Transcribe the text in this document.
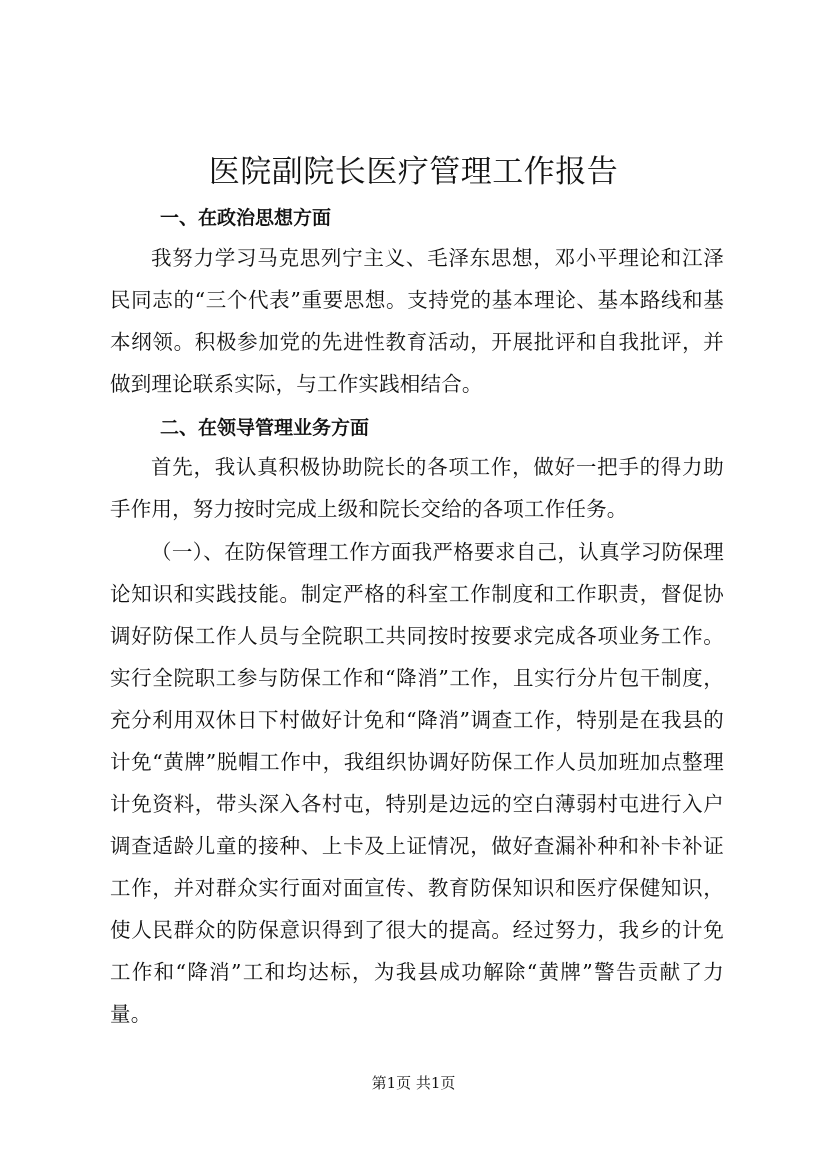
医院副院长医疗管理工作报告
一、在政治思想方面

我努力学习马克思列宁主义、毛泽东思想，邓小平理论和江泽民同志的“三个代表”重要思想。支持党的基本理论、基本路线和基本纲领。积极参加党的先进性教育活动，开展批评和自我批评，并做到理论联系实际，与工作实践相结合。

二、在领导管理业务方面

首先，我认真积极协助院长的各项工作，做好一把手的得力助手作用，努力按时完成上级和院长交给的各项工作任务。

（一）、在防保管理工作方面我严格要求自己，认真学习防保理论知识和实践技能。制定严格的科室工作制度和工作职责，督促协调好防保工作人员与全院职工共同按时按要求完成各项业务工作。实行全院职工参与防保工作和“降消”工作，且实行分片包干制度，充分利用双休日下村做好计免和“降消”调查工作，特别是在我县的计免“黄牌”脱帽工作中，我组织协调好防保工作人员加班加点整理计免资料，带头深入各村屯，特别是边远的空白薄弱村屯进行入户调查适龄儿童的接种、上卡及上证情况，做好查漏补种和补卡补证工作，并对群众实行面对面宣传、教育防保知识和医疗保健知识，使人民群众的防保意识得到了很大的提高。经过努力，我乡的计免工作和“降消”工和均达标，为我县成功解除“黄牌”警告贡献了力量。

第1页 共1页
